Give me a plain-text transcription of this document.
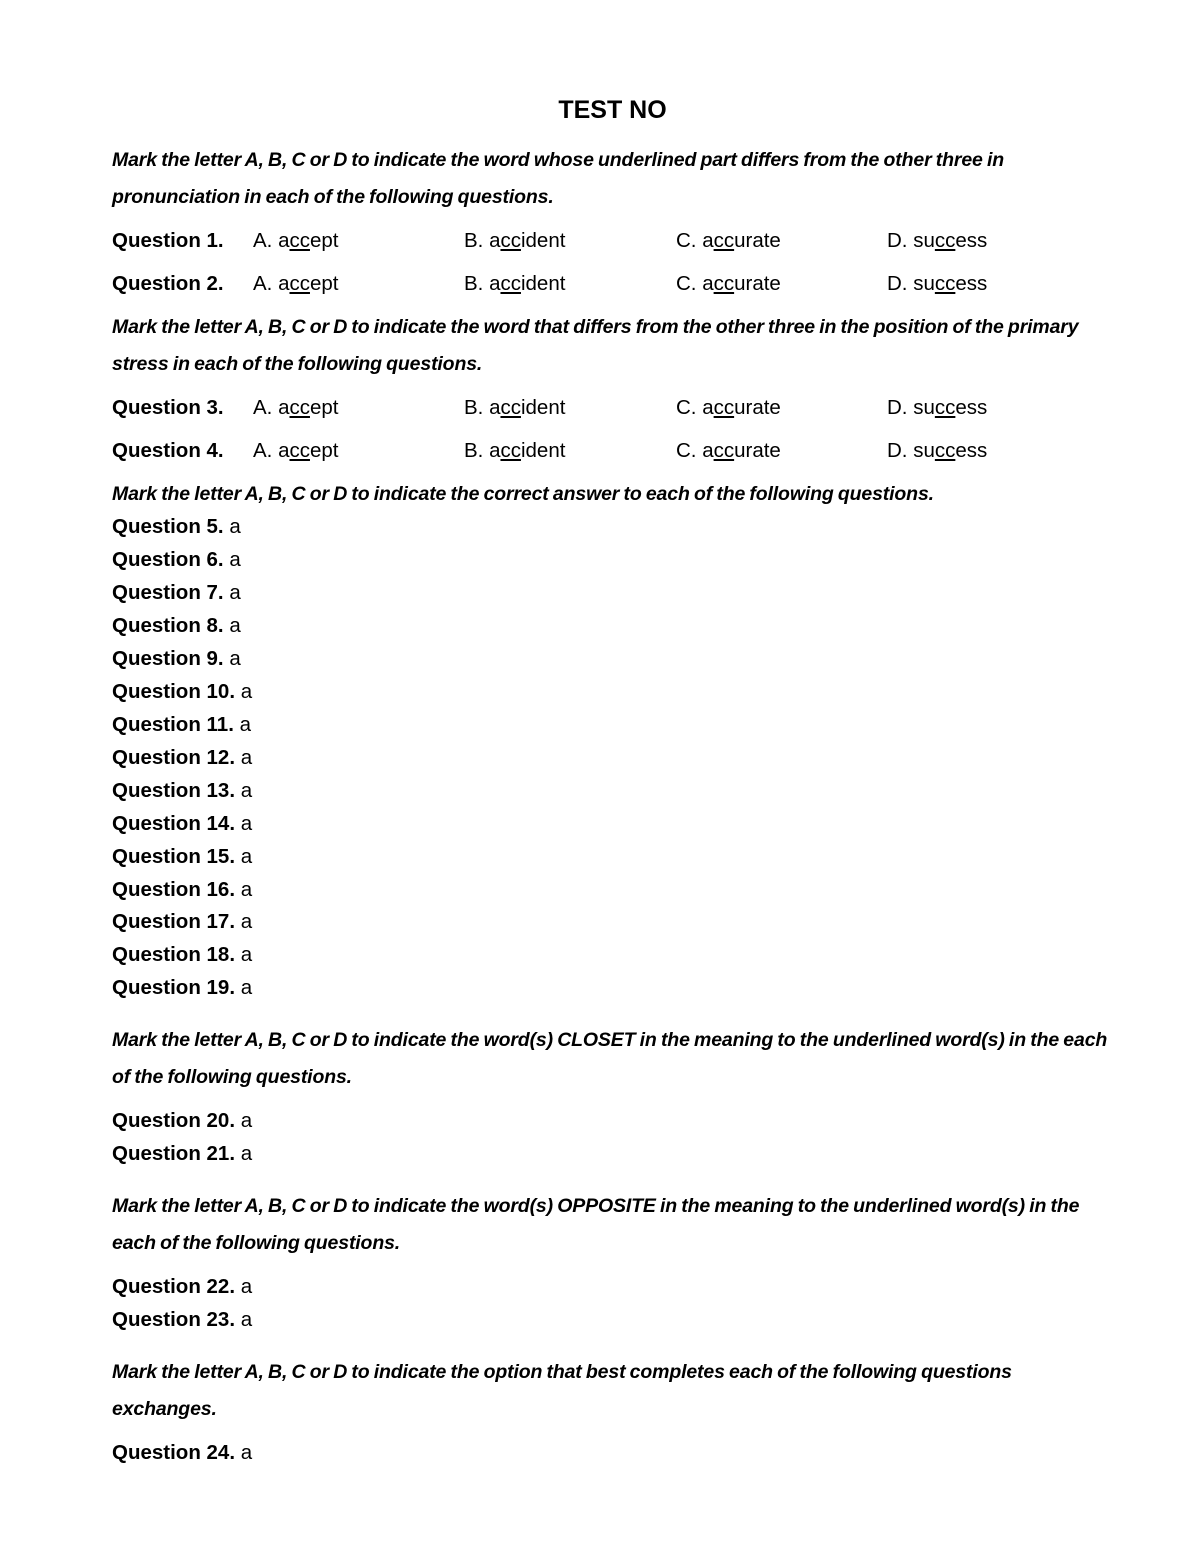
TEST NO

Mark the letter A, B, C or D to indicate the word whose underlined part differs from the other three in pronunciation in each of the following questions.

Question 1. A. accept	B. accident	C. accurate	D. success
Question 2. A. accept	B. accident	C. accurate	D. success

Mark the letter A, B, C or D to indicate the word that differs from the other three in the position of the primary stress in each of the following questions.

Question 3. A. accept	B. accident	C. accurate	D. success
Question 4. A. accept	B. accident	C. accurate	D. success

Mark the letter A, B, C or D to indicate the correct answer to each of the following questions.

Question 5. a
Question 6. a
Question 7. a
Question 8. a
Question 9. a
Question 10. a
Question 11. a
Question 12. a
Question 13. a
Question 14. a
Question 15. a
Question 16. a
Question 17. a
Question 18. a
Question 19. a

Mark the letter A, B, C or D to indicate the word(s) CLOSET in the meaning to the underlined word(s) in the each of the following questions.

Question 20. a
Question 21. a

Mark the letter A, B, C or D to indicate the word(s) OPPOSITE in the meaning to the underlined word(s) in the each of the following questions.

Question 22. a
Question 23. a

Mark the letter A, B, C or D to indicate the option that best completes each of the following questions exchanges.

Question 24. a
